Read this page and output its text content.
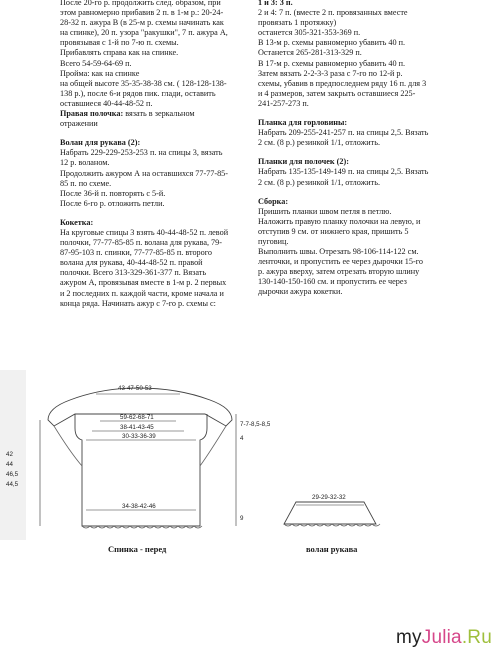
После 20-го р. продолжить след. образом, при

этом равномерно прибавив 2 п. в 1-м р.: 20-24-

28-32 п. ажура В (в 25-м р. схемы начинать как

на спинке), 20 п. узора "ракушки", 7 п. ажура А,

провязывая с 1-й по 7-ю п. схемы.

Прибавлять справа как на спинке.

Всего 54-59-64-69 п.

Пройма: как на спинке

на общей высоте 35-35-38-38 см. ( 128-128-138-

138 р.), после 6-и рядов пик. глади, оставить

оставшиеся 40-44-48-52 п.

Правая полочка: вязать в зеркальном

отражении

Волан для рукава (2):

Набрать 229-229-253-253 п. на спицы 3, вязать

12 р. воланом.

Продолжить ажуром А на оставшихся 77-77-85-

85 п. по схеме.

После 36-й п. повторять с 5-й.

После 6-го р. отложить петли.

Кокетка:

На круговые спицы 3 взять 40-44-48-52 п. левой

полочки, 77-77-85-85 п. волана для рукава, 79-

87-95-103 п. спинки, 77-77-85-85 п. второго

волана для рукава, 40-44-48-52 п. правой

полочки. Всего 313-329-361-377 п. Вязать

ажуром А, провязывая вместе в 1-м р. 2 первых

и 2 последних п. каждой части, кроме начала и

конца ряда. Начинать ажур с 7-го р. схемы с:

1 и 3: 3 п.

2 и 4: 7 п. (вместе 2 п. провязанных вместе

провязать 1 протяжку)

останется 305-321-353-369 п.

В 13-м р. схемы равномерно убавить 40 п.

Останется 265-281-313-329 п.

В 17-м р. схемы равномерно убавить 40 п.

Затем вязать 2-2-3-3 раза с 7-го по 12-й р.

схемы, убавив в предпоследнем ряду 16 п. для 3

и 4 размеров, затем закрыть оставшиеся 225-

241-257-273 п.

Планка для горловины:

Набрать 209-255-241-257 п. на спицы 2,5. Вязать

2 см. (8 р.) резинкой 1/1, отложить.

Планки для полочек (2):

Набрать 135-135-149-149 п. на спицы 2,5. Вязать

2 см. (8 р.) резинкой 1/1, отложить.

Сборка:

Пришить планки швом петля в петлю.

Наложить правую планку полочки на левую, и

отступив 9 см. от нижнего края, пришить 5

пуговиц.

Выполнить швы. Отрезать 98-106-114-122 см.

ленточки, и пропустить ее через дырочки 15-го

р. ажура вверху, затем отрезать вторую шлину

130-140-150-160 см. и пропустить ее через

дырочки ажура кокетки.

43-47-50-53
59-62-68-71
38-41-43-45
30-33-36-39
34-38-42-46
7-7-8,5-8,5
4
9
42
44
46,5
44,5
29-29-32-32
Спинка - перед	волан рукава
myJulia.Ru
